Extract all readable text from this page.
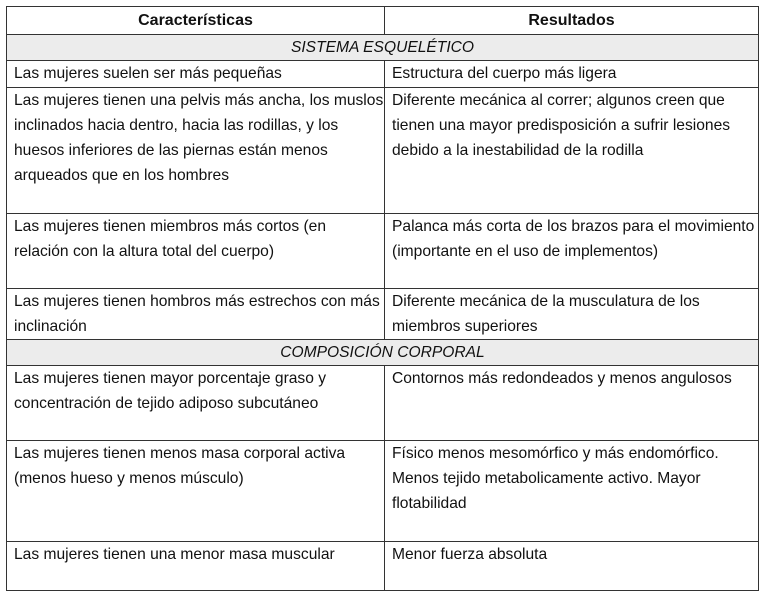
Características	Resultados
SISTEMA ESQUELÉTICO	
Las mujeres suelen ser más pequeñas	Estructura del cuerpo más ligera
Las mujeres tienen una pelvis más ancha, los muslos inclinados hacia dentro, hacia las rodillas, y los huesos inferiores de las piernas están menos arqueados que en los hombres	Diferente mecánica al correr; algunos creen que tienen una mayor predisposición a sufrir lesiones debido a la inestabilidad de la rodilla
Las mujeres tienen miembros más cortos (en relación con la altura total del cuerpo)	Palanca más corta de los brazos para el movimiento (importante en el uso de implementos)
Las mujeres tienen hombros más estrechos con más inclinación	Diferente mecánica de la musculatura de los miembros superiores
COMPOSICIÓN CORPORAL	
Las mujeres tienen mayor porcentaje graso y concentración de tejido adiposo subcutáneo	Contornos más redondeados y menos angulosos
Las mujeres tienen menos masa corporal activa (menos hueso y menos músculo)	Físico menos mesomórfico y más endomórfico. Menos tejido metabolicamente activo. Mayor flotabilidad
Las mujeres tienen una menor masa muscular	Menor fuerza absoluta
